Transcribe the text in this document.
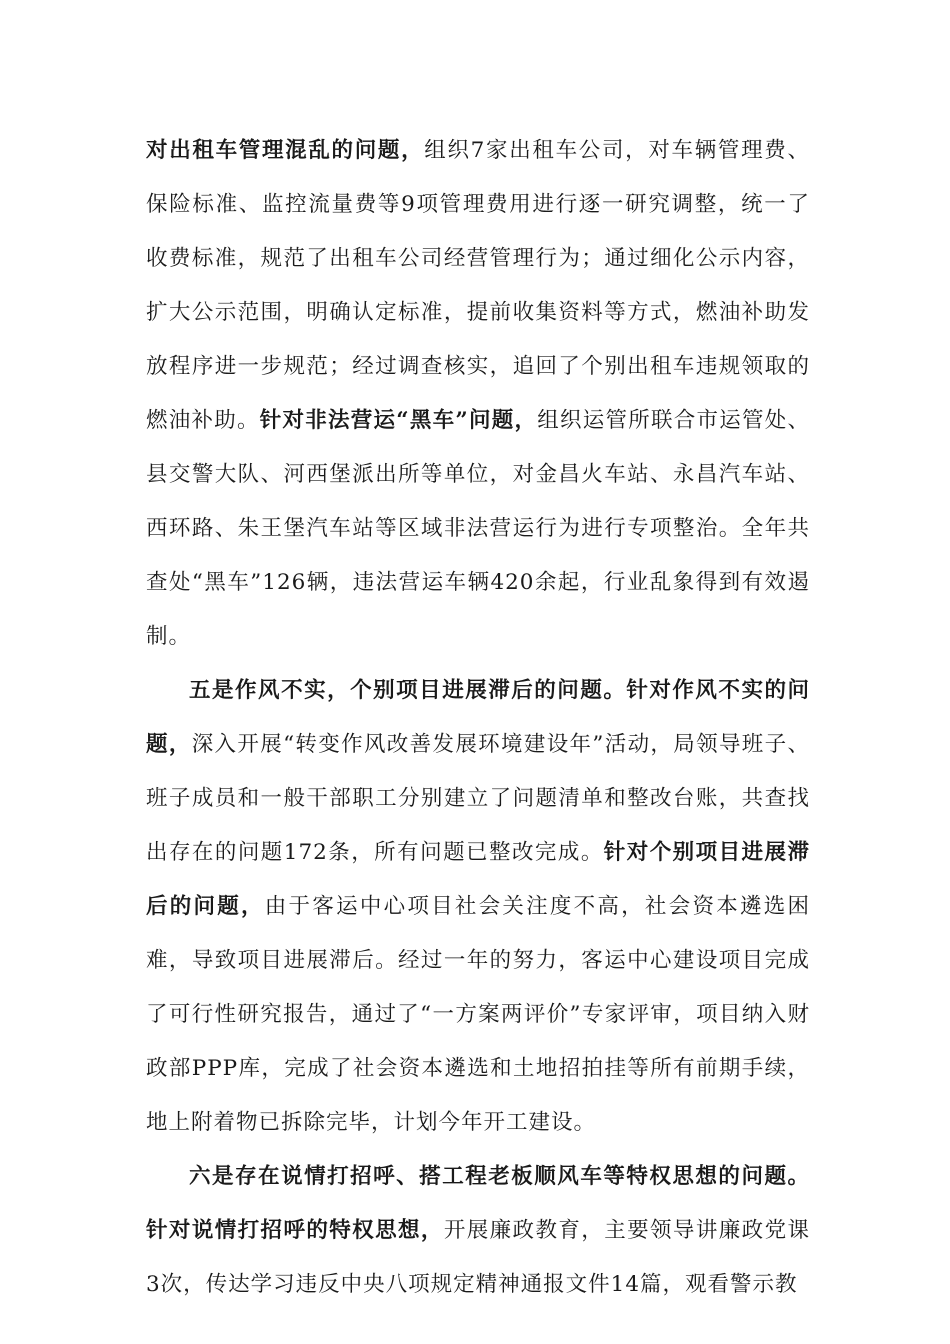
对出租车管理混乱的问题，组织7家出租车公司，对车辆管理费、保险标准、监控流量费等9项管理费用进行逐一研究调整，统一了收费标准，规范了出租车公司经营管理行为；通过细化公示内容，扩大公示范围，明确认定标准，提前收集资料等方式，燃油补助发放程序进一步规范；经过调查核实，追回了个别出租车违规领取的燃油补助。针对非法营运“黑车”问题，组织运管所联合市运管处、县交警大队、河西堡派出所等单位，对金昌火车站、永昌汽车站、西环路、朱王堡汽车站等区域非法营运行为进行专项整治。全年共查处“黑车”126辆，违法营运车辆420余起，行业乱象得到有效遏制。

五是作风不实，个别项目进展滞后的问题。针对作风不实的问题，深入开展“转变作风改善发展环境建设年”活动，局领导班子、班子成员和一般干部职工分别建立了问题清单和整改台账，共查找出存在的问题172条，所有问题已整改完成。针对个别项目进展滞后的问题，由于客运中心项目社会关注度不高，社会资本遴选困难，导致项目进展滞后。经过一年的努力，客运中心建设项目完成了可行性研究报告，通过了“一方案两评价”专家评审，项目纳入财政部PPP库，完成了社会资本遴选和土地招拍挂等所有前期手续，地上附着物已拆除完毕，计划今年开工建设。

六是存在说情打招呼、搭工程老板顺风车等特权思想的问题。针对说情打招呼的特权思想，开展廉政教育，主要领导讲廉政党课3次，传达学习违反中央八项规定精神通报文件14篇，观看警示教
